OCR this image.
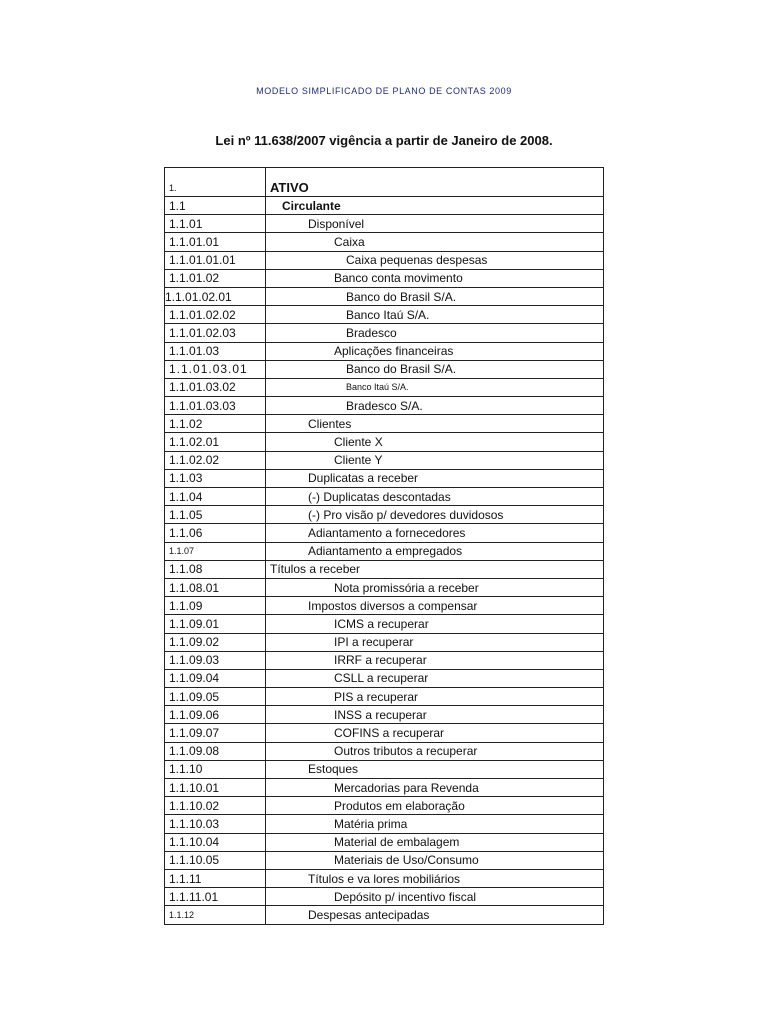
MODELO SIMPLIFICADO DE PLANO DE CONTAS 2009
Lei nº 11.638/2007 vigência a partir de Janeiro de 2008.
1.	ATIVO
1.1	Circulante
1.1.01	Disponível
1.1.01.01	Caixa
1.1.01.01.01	Caixa pequenas despesas
1.1.01.02	Banco conta movimento
1.1.01.02.01	Banco do Brasil S/A.
1.1.01.02.02	Banco Itaú S/A.
1.1.01.02.03	Bradesco
1.1.01.03	Aplicações financeiras
1.1.01.03.01	Banco do Brasil S/A.
1.1.01.03.02	Banco Itaú S/A.
1.1.01.03.03	Bradesco S/A.
1.1.02	Clientes
1.1.02.01	Cliente X
1.1.02.02	Cliente Y
1.1.03	Duplicatas a receber
1.1.04	(-) Duplicatas descontadas
1.1.05	(-) Pro visão p/ devedores duvidosos
1.1.06	Adiantamento a fornecedores
1.1.07	Adiantamento a empregados
1.1.08	Títulos a receber
1.1.08.01	Nota promissória a receber
1.1.09	Impostos diversos a compensar
1.1.09.01	ICMS a recuperar
1.1.09.02	IPI a recuperar
1.1.09.03	IRRF a recuperar
1.1.09.04	CSLL a recuperar
1.1.09.05	PIS a recuperar
1.1.09.06	INSS a recuperar
1.1.09.07	COFINS a recuperar
1.1.09.08	Outros tributos a recuperar
1.1.10	Estoques
1.1.10.01	Mercadorias para Revenda
1.1.10.02	Produtos em elaboração
1.1.10.03	Matéria prima
1.1.10.04	Material de embalagem
1.1.10.05	Materiais de Uso/Consumo
1.1.11	Títulos e va lores mobiliários
1.1.11.01	Depósito p/ incentivo fiscal
1.1.12	Despesas antecipadas
